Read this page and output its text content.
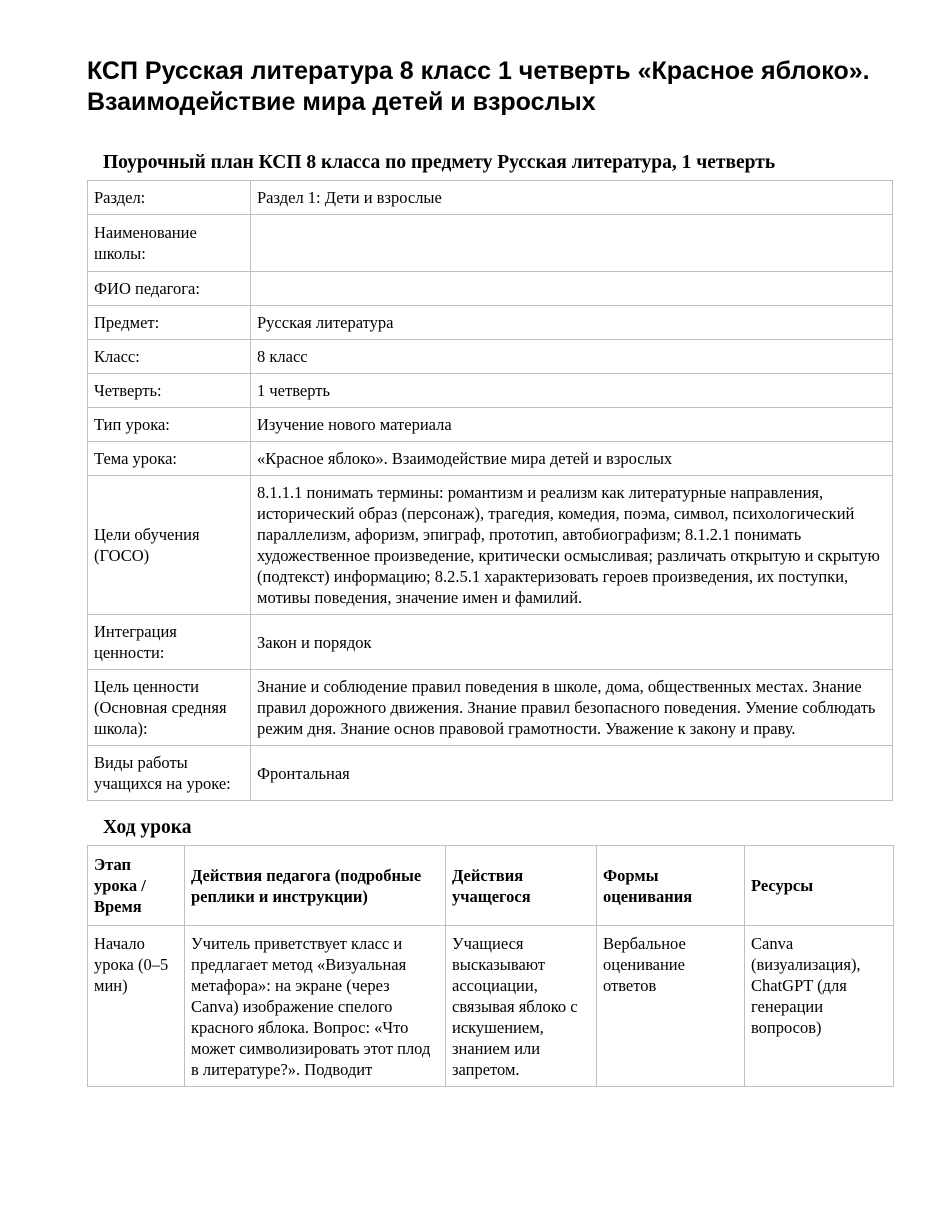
КСП Русская литература 8 класс 1 четверть «Красное яблоко». Взаимодействие мира детей и взрослых
Поурочный план КСП 8 класса по предмету Русская литература, 1 четверть
Раздел:	Раздел 1: Дети и взрослые
Наименование школы:	
ФИО педагога:	
Предмет:	Русская литература
Класс:	8 класс
Четверть:	1 четверть
Тип урока:	Изучение нового материала
Тема урока:	«Красное яблоко». Взаимодействие мира детей и взрослых
Цели обучения (ГОСО)	8.1.1.1 понимать термины: романтизм и реализм как литературные направления, исторический образ (персонаж), трагедия, комедия, поэма, символ, психологический параллелизм, афоризм, эпиграф, прототип, автобиографизм; 8.1.2.1 понимать художественное произведение, критически осмысливая; различать открытую и скрытую (подтекст) информацию; 8.2.5.1 характеризовать героев произведения, их поступки, мотивы поведения, значение имен и фамилий.
Интеграция ценности:	Закон и порядок
Цель ценности (Основная средняя школа):	Знание и соблюдение правил поведения в школе, дома, общественных местах. Знание правил дорожного движения. Знание правил безопасного поведения. Умение соблюдать режим дня. Знание основ правовой грамотности. Уважение к закону и праву.
Виды работы учащихся на уроке:	Фронтальная
Ход урока
Этап урока / Время	Действия педагога (подробные реплики и инструкции)	Действия учащегося	Формы оценивания	Ресурсы
Начало урока (0–5 мин)	Учитель приветствует класс и предлагает метод «Визуальная метафора»: на экране (через Canva) изображение спелого красного яблока. Вопрос: «Что может символизировать этот плод в литературе?». Подводит	Учащиеся высказывают ассоциации, связывая яблоко с искушением, знанием или запретом.	Вербальное оценивание ответов	Canva (визуализация), ChatGPT (для генерации вопросов)
